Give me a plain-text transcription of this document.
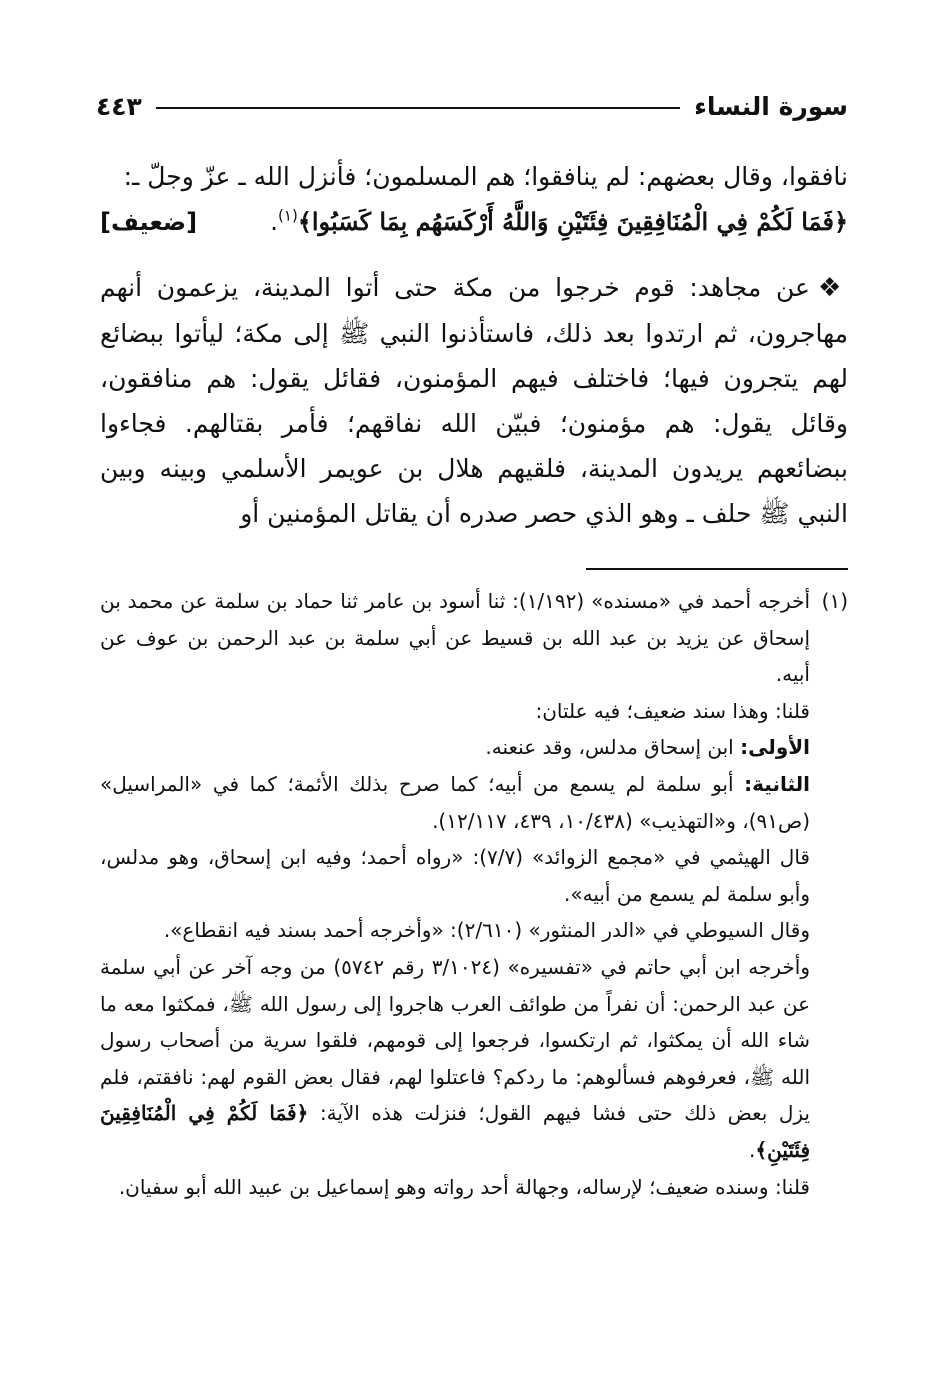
سورة النساء
٤٤٣

نافقوا، وقال بعضهم: لم ينافقوا؛ هم المسلمون؛ فأنزل الله ـ عزّ وجلّ ـ:

﴿فَمَا لَكُمْ فِي الْمُنَافِقِينَ فِئَتَيْنِ وَاللَّهُ أَرْكَسَهُم بِمَا كَسَبُوا﴾$^{(١)}$.
[ضعيف]

❖عن مجاهد: قوم خرجوا من مكة حتى أتوا المدينة، يزعمون أنهم مهاجرون، ثم ارتدوا بعد ذلك، فاستأذنوا النبي ﷺ إلى مكة؛ ليأتوا ببضائع لهم يتجرون فيها؛ فاختلف فيهم المؤمنون، فقائل يقول: هم منافقون، وقائل يقول: هم مؤمنون؛ فبيّن الله نفاقهم؛ فأمر بقتالهم. فجاءوا ببضائعهم يريدون المدينة، فلقيهم هلال بن عويمر الأسلمي وبينه وبين النبي ﷺ حلف ـ وهو الذي حصر صدره أن يقاتل المؤمنين أو

(١)

أخرجه أحمد في «مسنده» (١/١٩٢): ثنا أسود بن عامر ثنا حماد بن سلمة عن محمد بن إسحاق عن يزيد بن عبد الله بن قسيط عن أبي سلمة بن عبد الرحمن بن عوف عن أبيه.

قلنا: وهذا سند ضعيف؛ فيه علتان:

الأولى: ابن إسحاق مدلس، وقد عنعنه.

الثانية: أبو سلمة لم يسمع من أبيه؛ كما صرح بذلك الأئمة؛ كما في «المراسيل» (ص٩١)، و«التهذيب» (١٠/٤٣٨، ٤٣٩، ١٢/١١٧).

قال الهيثمي في «مجمع الزوائد» (٧/٧): «رواه أحمد؛ وفيه ابن إسحاق، وهو مدلس، وأبو سلمة لم يسمع من أبيه».

وقال السيوطي في «الدر المنثور» (٢/٦١٠): «وأخرجه أحمد بسند فيه انقطاع».

وأخرجه ابن أبي حاتم في «تفسيره» (٣/١٠٢٤ رقم ٥٧٤٢) من وجه آخر عن أبي سلمة عن عبد الرحمن: أن نفراً من طوائف العرب هاجروا إلى رسول الله ﷺ، فمكثوا معه ما شاء الله أن يمكثوا، ثم ارتكسوا، فرجعوا إلى قومهم، فلقوا سرية من أصحاب رسول الله ﷺ، فعرفوهم فسألوهم: ما ردكم؟ فاعتلوا لهم، فقال بعض القوم لهم: نافقتم، فلم يزل بعض ذلك حتى فشا فيهم القول؛ فنزلت هذه الآية: ﴿فَمَا لَكُمْ فِي الْمُنَافِقِينَ فِئَتَيْنِ﴾.

قلنا: وسنده ضعيف؛ لإرساله، وجهالة أحد رواته وهو إسماعيل بن عبيد الله أبو سفيان.
